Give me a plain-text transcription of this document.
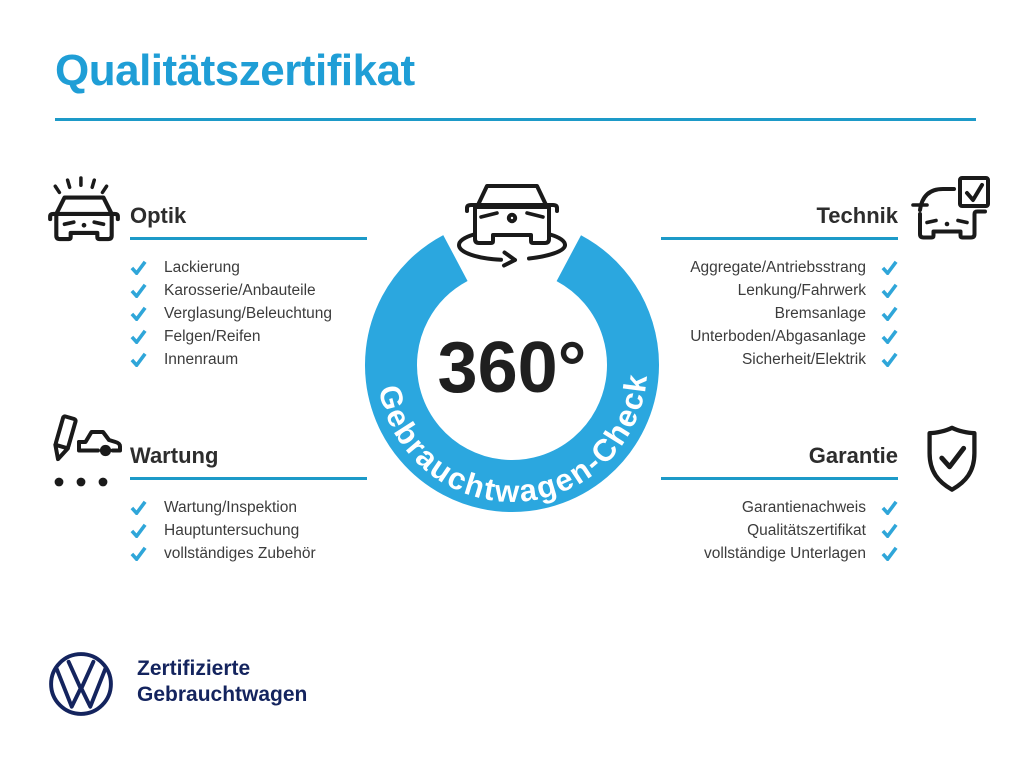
Qualitätszertifikat
Optik
Lackierung
Karosserie/Anbauteile
Verglasung/Beleuchtung
Felgen/Reifen
Innenraum
Technik
Aggregate/Antriebsstrang
Lenkung/Fahrwerk
Bremsanlage
Unterboden/Abgasanlage
Sicherheit/Elektrik
Wartung
Wartung/Inspektion
Hauptuntersuchung
vollständiges Zubehör
Garantie
Garantienachweis
Qualitätszertifikat
vollständige Unterlagen
Gebrauchtwagen-Check
360°
Zertifizierte
Gebrauchtwagen
